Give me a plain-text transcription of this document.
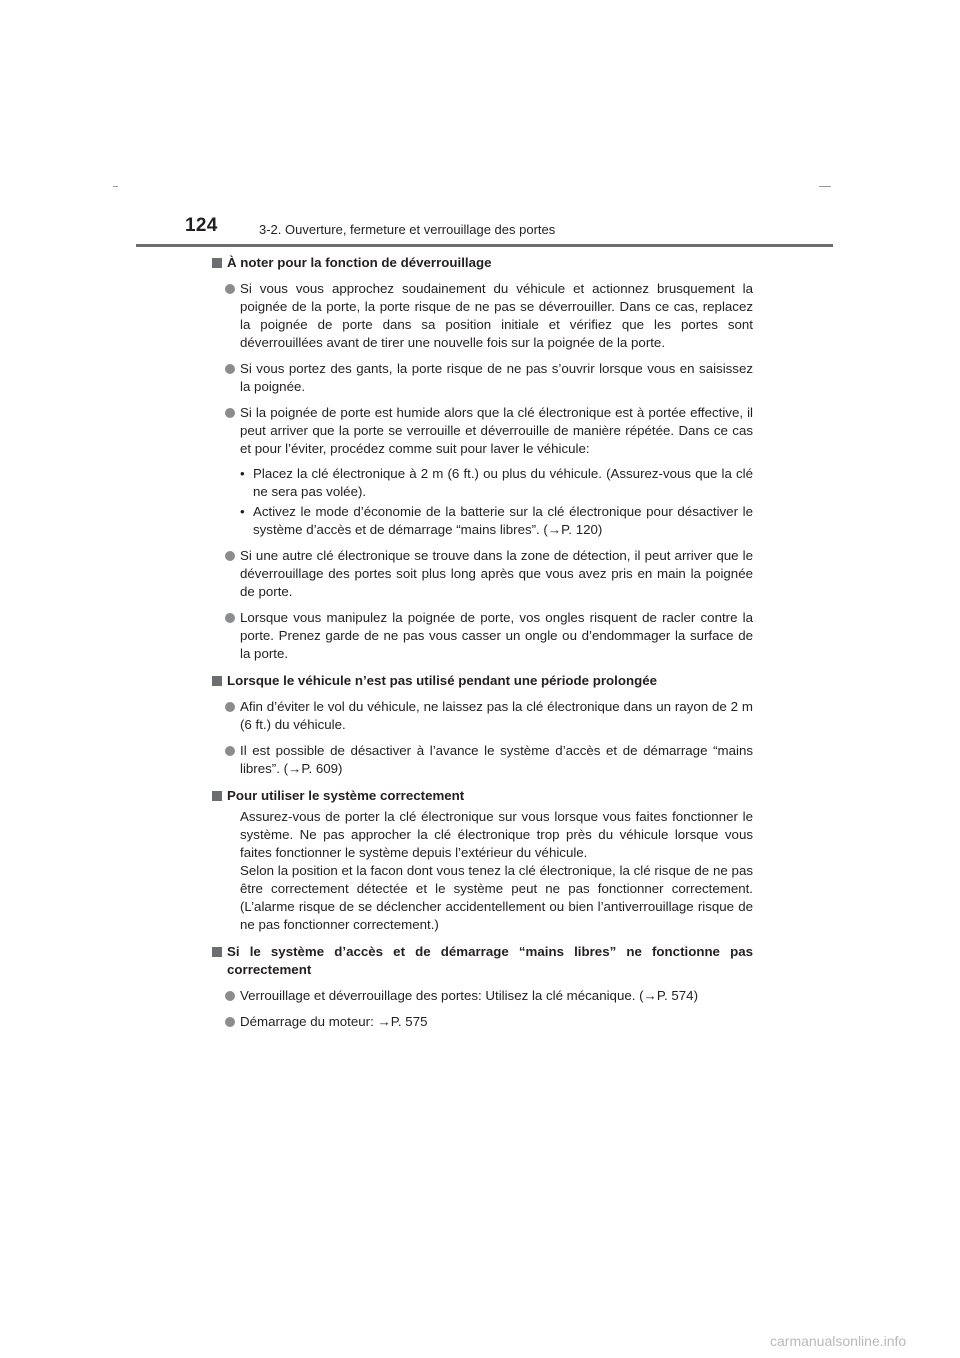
124	3-2. Ouverture, fermeture et verrouillage des portes
À noter pour la fonction de déverrouillage
Si vous vous approchez soudainement du véhicule et actionnez brusquement la poignée de la porte, la porte risque de ne pas se déverrouiller. Dans ce cas, replacez la poignée de porte dans sa position initiale et vérifiez que les portes sont déverrouillées avant de tirer une nouvelle fois sur la poignée de la porte.
Si vous portez des gants, la porte risque de ne pas s’ouvrir lorsque vous en saisissez la poignée.
Si la poignée de porte est humide alors que la clé électronique est à portée effective, il peut arriver que la porte se verrouille et déverrouille de manière répétée. Dans ce cas et pour l’éviter, procédez comme suit pour laver le véhicule:
• Placez la clé électronique à 2 m (6 ft.) ou plus du véhicule. (Assurez-vous que la clé ne sera pas volée).
• Activez le mode d’économie de la batterie sur la clé électronique pour désactiver le système d’accès et de démarrage “mains libres”. (→P. 120)
Si une autre clé électronique se trouve dans la zone de détection, il peut arriver que le déverrouillage des portes soit plus long après que vous avez pris en main la poignée de porte.
Lorsque vous manipulez la poignée de porte, vos ongles risquent de racler contre la porte. Prenez garde de ne pas vous casser un ongle ou d’endommager la surface de la porte.
Lorsque le véhicule n’est pas utilisé pendant une période prolongée
Afin d’éviter le vol du véhicule, ne laissez pas la clé électronique dans un rayon de 2 m (6 ft.) du véhicule.
Il est possible de désactiver à l’avance le système d’accès et de démarrage “mains libres”. (→P. 609)
Pour utiliser le système correctement
Assurez-vous de porter la clé électronique sur vous lorsque vous faites fonctionner le système. Ne pas approcher la clé électronique trop près du véhicule lorsque vous faites fonctionner le système depuis l’extérieur du véhicule.
Selon la position et la facon dont vous tenez la clé électronique, la clé risque de ne pas être correctement détectée et le système peut ne pas fonctionner correctement. (L’alarme risque de se déclencher accidentellement ou bien l’antiverrouillage risque de ne pas fonctionner correctement.)
Si le système d’accès et de démarrage “mains libres” ne fonctionne pas correctement
Verrouillage et déverrouillage des portes: Utilisez la clé mécanique. (→P. 574)
Démarrage du moteur: →P. 575
carmanualsonline.info
